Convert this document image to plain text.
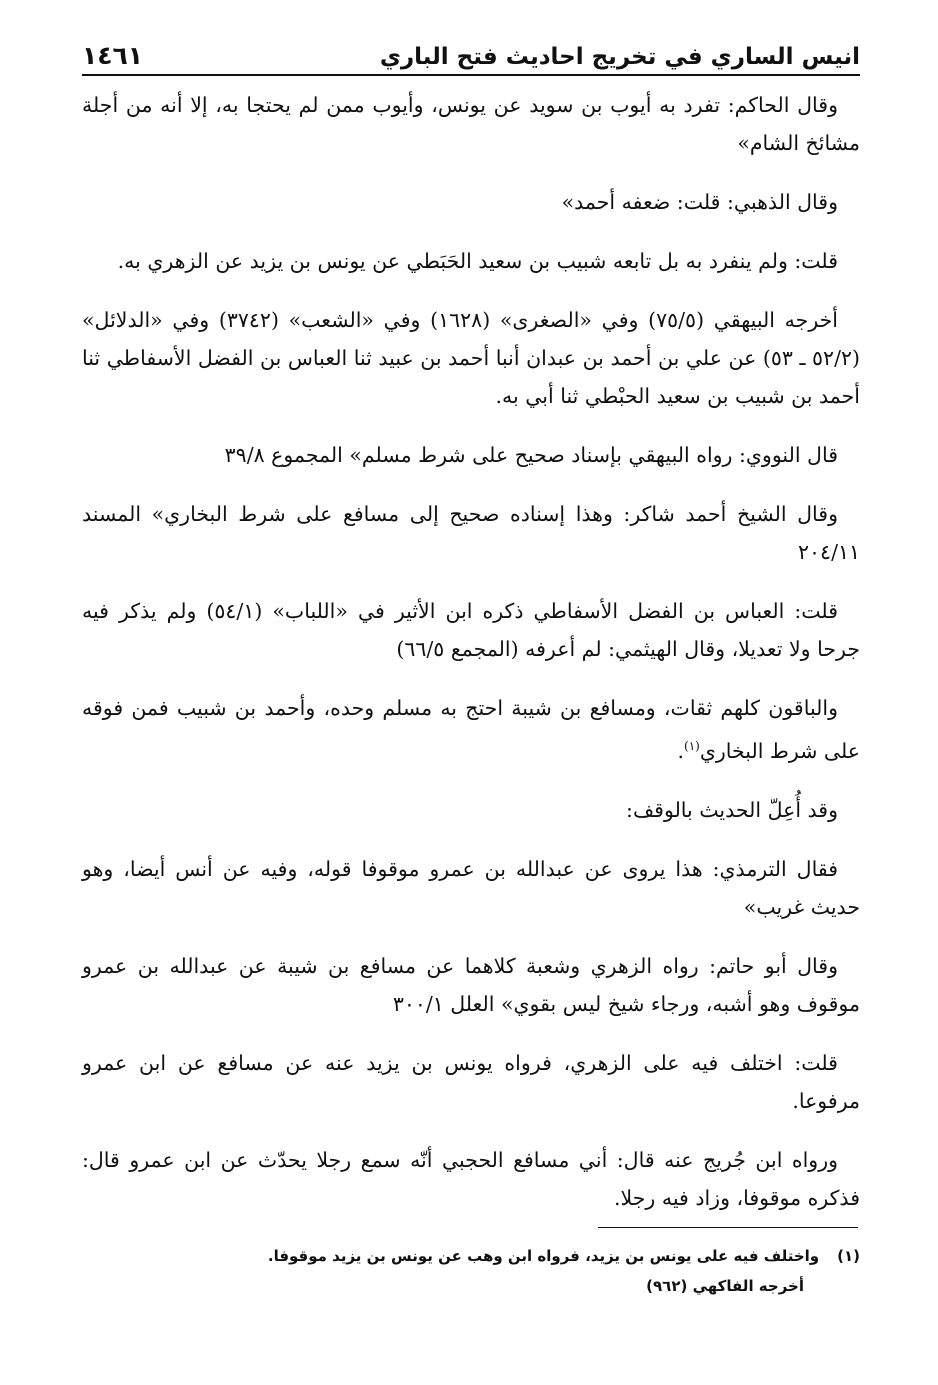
انيس الساري في تخريج احاديث فتح الباري
١٤٦١

وقال الحاكم: تفرد به أيوب بن سويد عن يونس، وأيوب ممن لم يحتجا به، إلا أنه من أجلة مشائخ الشام»

وقال الذهبي: قلت: ضعفه أحمد»

قلت: ولم ينفرد به بل تابعه شبيب بن سعيد الحَبَطي عن يونس بن يزيد عن الزهري به.

أخرجه البيهقي (٧٥/٥) وفي «الصغرى» (١٦٢٨) وفي «الشعب» (٣٧٤٢) وفي «الدلائل» (٥٢/٢ ـ ٥٣) عن علي بن أحمد بن عبدان أنبا أحمد بن عبيد ثنا العباس بن الفضل الأسفاطي ثنا أحمد بن شبيب بن سعيد الحبْطي ثنا أبي به.

قال النووي: رواه البيهقي بإسناد صحيح على شرط مسلم» المجموع ٣٩/٨

وقال الشيخ أحمد شاكر: وهذا إسناده صحيح إلى مسافع على شرط البخاري» المسند ٢٠٤/١١

قلت: العباس بن الفضل الأسفاطي ذكره ابن الأثير في «اللباب» (٥٤/١) ولم يذكر فيه جرحا ولا تعديلا، وقال الهيثمي: لم أعرفه (المجمع ٦٦/٥)

والباقون كلهم ثقات، ومسافع بن شيبة احتج به مسلم وحده، وأحمد بن شبيب فمن فوقه على شرط البخاري$^{(١)}$.

وقد أُعِلّ الحديث بالوقف:

فقال الترمذي: هذا يروى عن عبدالله بن عمرو موقوفا قوله، وفيه عن أنس أيضا، وهو حديث غريب»

وقال أبو حاتم: رواه الزهري وشعبة كلاهما عن مسافع بن شيبة عن عبدالله بن عمرو موقوف وهو أشبه، ورجاء شيخ ليس بقوي» العلل ٣٠٠/١

قلت: اختلف فيه على الزهري، فرواه يونس بن يزيد عنه عن مسافع عن ابن عمرو مرفوعا.

ورواه ابن جُريج عنه قال: أني مسافع الحجبي أنّه سمع رجلا يحدّث عن ابن عمرو قال: فذكره موقوفا، وزاد فيه رجلا.

(١)
واختلف فيه على يونس بن يزيد، فرواه ابن وهب عن يونس بن يزيد موقوفا.
أخرجه الفاكهي (٩٦٢)
